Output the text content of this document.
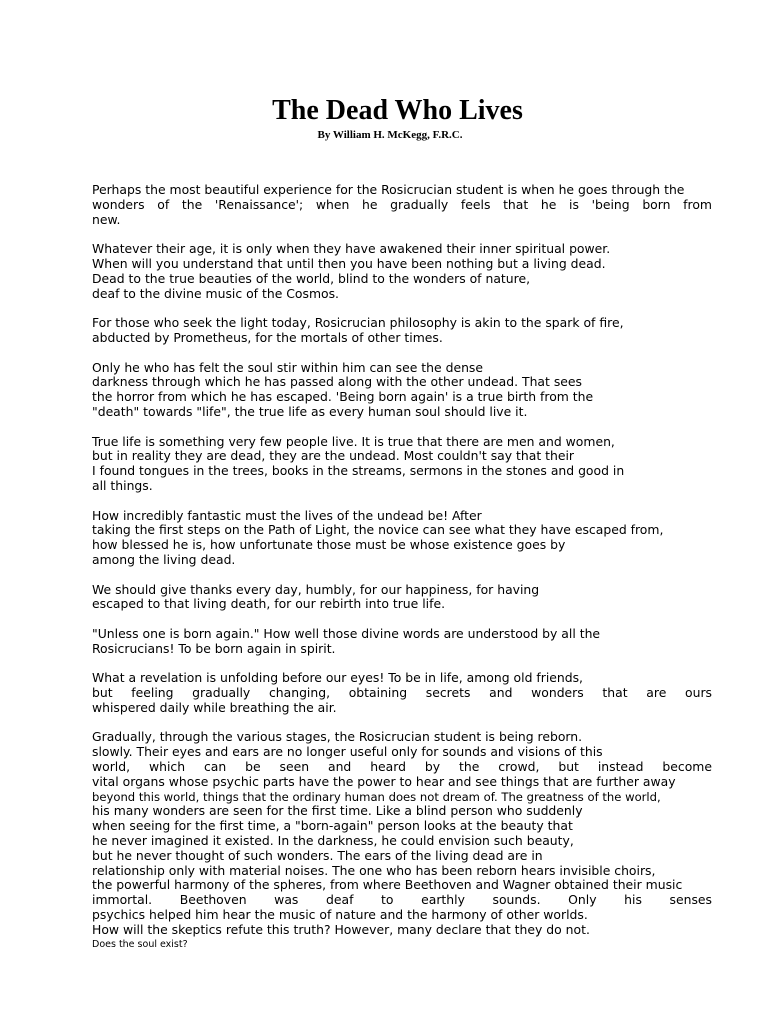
The Dead Who Lives
By William H. McKegg, F.R.C.

Perhaps the most beautiful experience for the Rosicrucian student is when he goes through the
wonders of the 'Renaissance'; when he gradually feels that he is 'being born from
new.

Whatever their age, it is only when they have awakened their inner spiritual power.
When will you understand that until then you have been nothing but a living dead.
Dead to the true beauties of the world, blind to the wonders of nature,
deaf to the divine music of the Cosmos.

For those who seek the light today, Rosicrucian philosophy is akin to the spark of fire,
abducted by Prometheus, for the mortals of other times.

Only he who has felt the soul stir within him can see the dense
darkness through which he has passed along with the other undead. That sees
the horror from which he has escaped. 'Being born again' is a true birth from the
"death" towards "life", the true life as every human soul should live it.

True life is something very few people live. It is true that there are men and women,
but in reality they are dead, they are the undead. Most couldn't say that their
I found tongues in the trees, books in the streams, sermons in the stones and good in
all things.

How incredibly fantastic must the lives of the undead be! After
taking the first steps on the Path of Light, the novice can see what they have escaped from,
how blessed he is, how unfortunate those must be whose existence goes by
among the living dead.

We should give thanks every day, humbly, for our happiness, for having
escaped to that living death, for our rebirth into true life.

"Unless one is born again." How well those divine words are understood by all the
Rosicrucians! To be born again in spirit.

What a revelation is unfolding before our eyes! To be in life, among old friends,
but feeling gradually changing, obtaining secrets and wonders that are ours
whispered daily while breathing the air.

Gradually, through the various stages, the Rosicrucian student is being reborn.
slowly. Their eyes and ears are no longer useful only for sounds and visions of this
world, which can be seen and heard by the crowd, but instead become
vital organs whose psychic parts have the power to hear and see things that are further away
beyond this world, things that the ordinary human does not dream of. The greatness of the world,
his many wonders are seen for the first time. Like a blind person who suddenly
when seeing for the first time, a "born-again" person looks at the beauty that
he never imagined it existed. In the darkness, he could envision such beauty,
but he never thought of such wonders. The ears of the living dead are in
relationship only with material noises. The one who has been reborn hears invisible choirs,
the powerful harmony of the spheres, from where Beethoven and Wagner obtained their music
immortal. Beethoven was deaf to earthly sounds. Only his senses
psychics helped him hear the music of nature and the harmony of other worlds.
How will the skeptics refute this truth? However, many declare that they do not.
Does the soul exist?
